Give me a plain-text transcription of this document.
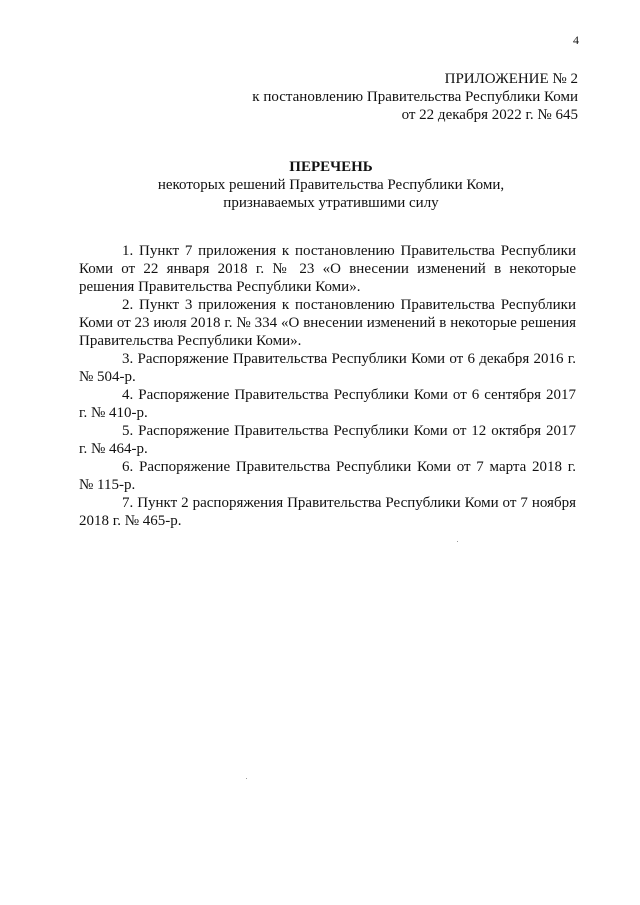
4
ПРИЛОЖЕНИЕ № 2
к постановлению Правительства Республики Коми
от 22 декабря 2022 г. № 645
ПЕРЕЧЕНЬ
некоторых решений Правительства Республики Коми,
признаваемых утратившими силу

1. Пункт 7 приложения к постановлению Правительства Республики Коми от 22 января 2018 г. № 23 «О внесении изменений в некоторые решения Правительства Республики Коми».

2. Пункт 3 приложения к постановлению Правительства Республики Коми от 23 июля 2018 г. № 334 «О внесении изменений в некоторые решения Правительства Республики Коми».

3. Распоряжение Правительства Республики Коми от 6 декабря 2016 г. № 504-р.

4. Распоряжение Правительства Республики Коми от 6 сентября 2017 г. № 410-р.

5. Распоряжение Правительства Республики Коми от 12 октября 2017 г. № 464-р.

6. Распоряжение Правительства Республики Коми от 7 марта 2018 г. № 115-р.

7. Пункт 2 распоряжения Правительства Республики Коми от 7 ноября 2018 г. № 465-р.
